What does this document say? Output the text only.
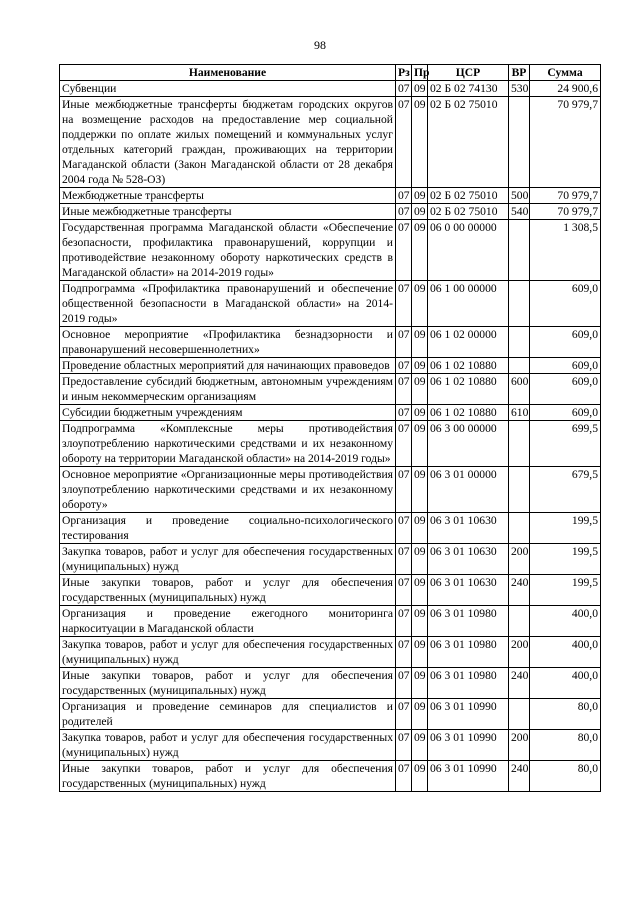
98
Наименование	Рз	Пр	ЦСР	ВР	Сумма
Субвенции	07	09	02 Б 02 74130	530	24 900,6
Иные межбюджетные трансферты бюджетам городских округов на возмещение расходов на предоставление мер социальной поддержки по оплате жилых помещений и коммунальных услуг отдельных категорий граждан, проживающих на территории Магаданской области (Закон Магаданской области от 28 декабря 2004 года № 528-ОЗ)	07	09	02 Б 02 75010		70 979,7
Межбюджетные трансферты	07	09	02 Б 02 75010	500	70 979,7
Иные межбюджетные трансферты	07	09	02 Б 02 75010	540	70 979,7
Государственная программа Магаданской области «Обеспечение безопасности, профилактика правонарушений, коррупции и противодействие незаконному обороту наркотических средств в Магаданской области» на 2014-2019 годы»	07	09	06 0 00 00000		1 308,5
Подпрограмма «Профилактика правонарушений и обеспечение общественной безопасности в Магаданской области» на 2014-2019 годы»	07	09	06 1 00 00000		609,0
Основное мероприятие «Профилактика безнадзорности и правонарушений несовершеннолетних»	07	09	06 1 02 00000		609,0
Проведение областных мероприятий для начинающих правоведов	07	09	06 1 02 10880		609,0
Предоставление субсидий бюджетным, автономным учреждениям и иным некоммерческим организациям	07	09	06 1 02 10880	600	609,0
Субсидии бюджетным учреждениям	07	09	06 1 02 10880	610	609,0
Подпрограмма «Комплексные меры противодействия злоупотреблению наркотическими средствами и их незаконному обороту на территории Магаданской области» на 2014-2019 годы»	07	09	06 3 00 00000		699,5
Основное мероприятие «Организационные меры противодействия злоупотреблению наркотическими средствами и их незаконному обороту»	07	09	06 3 01 00000		679,5
Организация и проведение социально-психологического тестирования	07	09	06 3 01 10630		199,5
Закупка товаров, работ и услуг для обеспечения государственных (муниципальных) нужд	07	09	06 3 01 10630	200	199,5
Иные закупки товаров, работ и услуг для обеспечения государственных (муниципальных) нужд	07	09	06 3 01 10630	240	199,5
Организация и проведение ежегодного мониторинга наркоситуации в Магаданской области	07	09	06 3 01 10980		400,0
Закупка товаров, работ и услуг для обеспечения государственных (муниципальных) нужд	07	09	06 3 01 10980	200	400,0
Иные закупки товаров, работ и услуг для обеспечения государственных (муниципальных) нужд	07	09	06 3 01 10980	240	400,0
Организация и проведение семинаров для специалистов и родителей	07	09	06 3 01 10990		80,0
Закупка товаров, работ и услуг для обеспечения государственных (муниципальных) нужд	07	09	06 3 01 10990	200	80,0
Иные закупки товаров, работ и услуг для обеспечения государственных (муниципальных) нужд	07	09	06 3 01 10990	240	80,0
